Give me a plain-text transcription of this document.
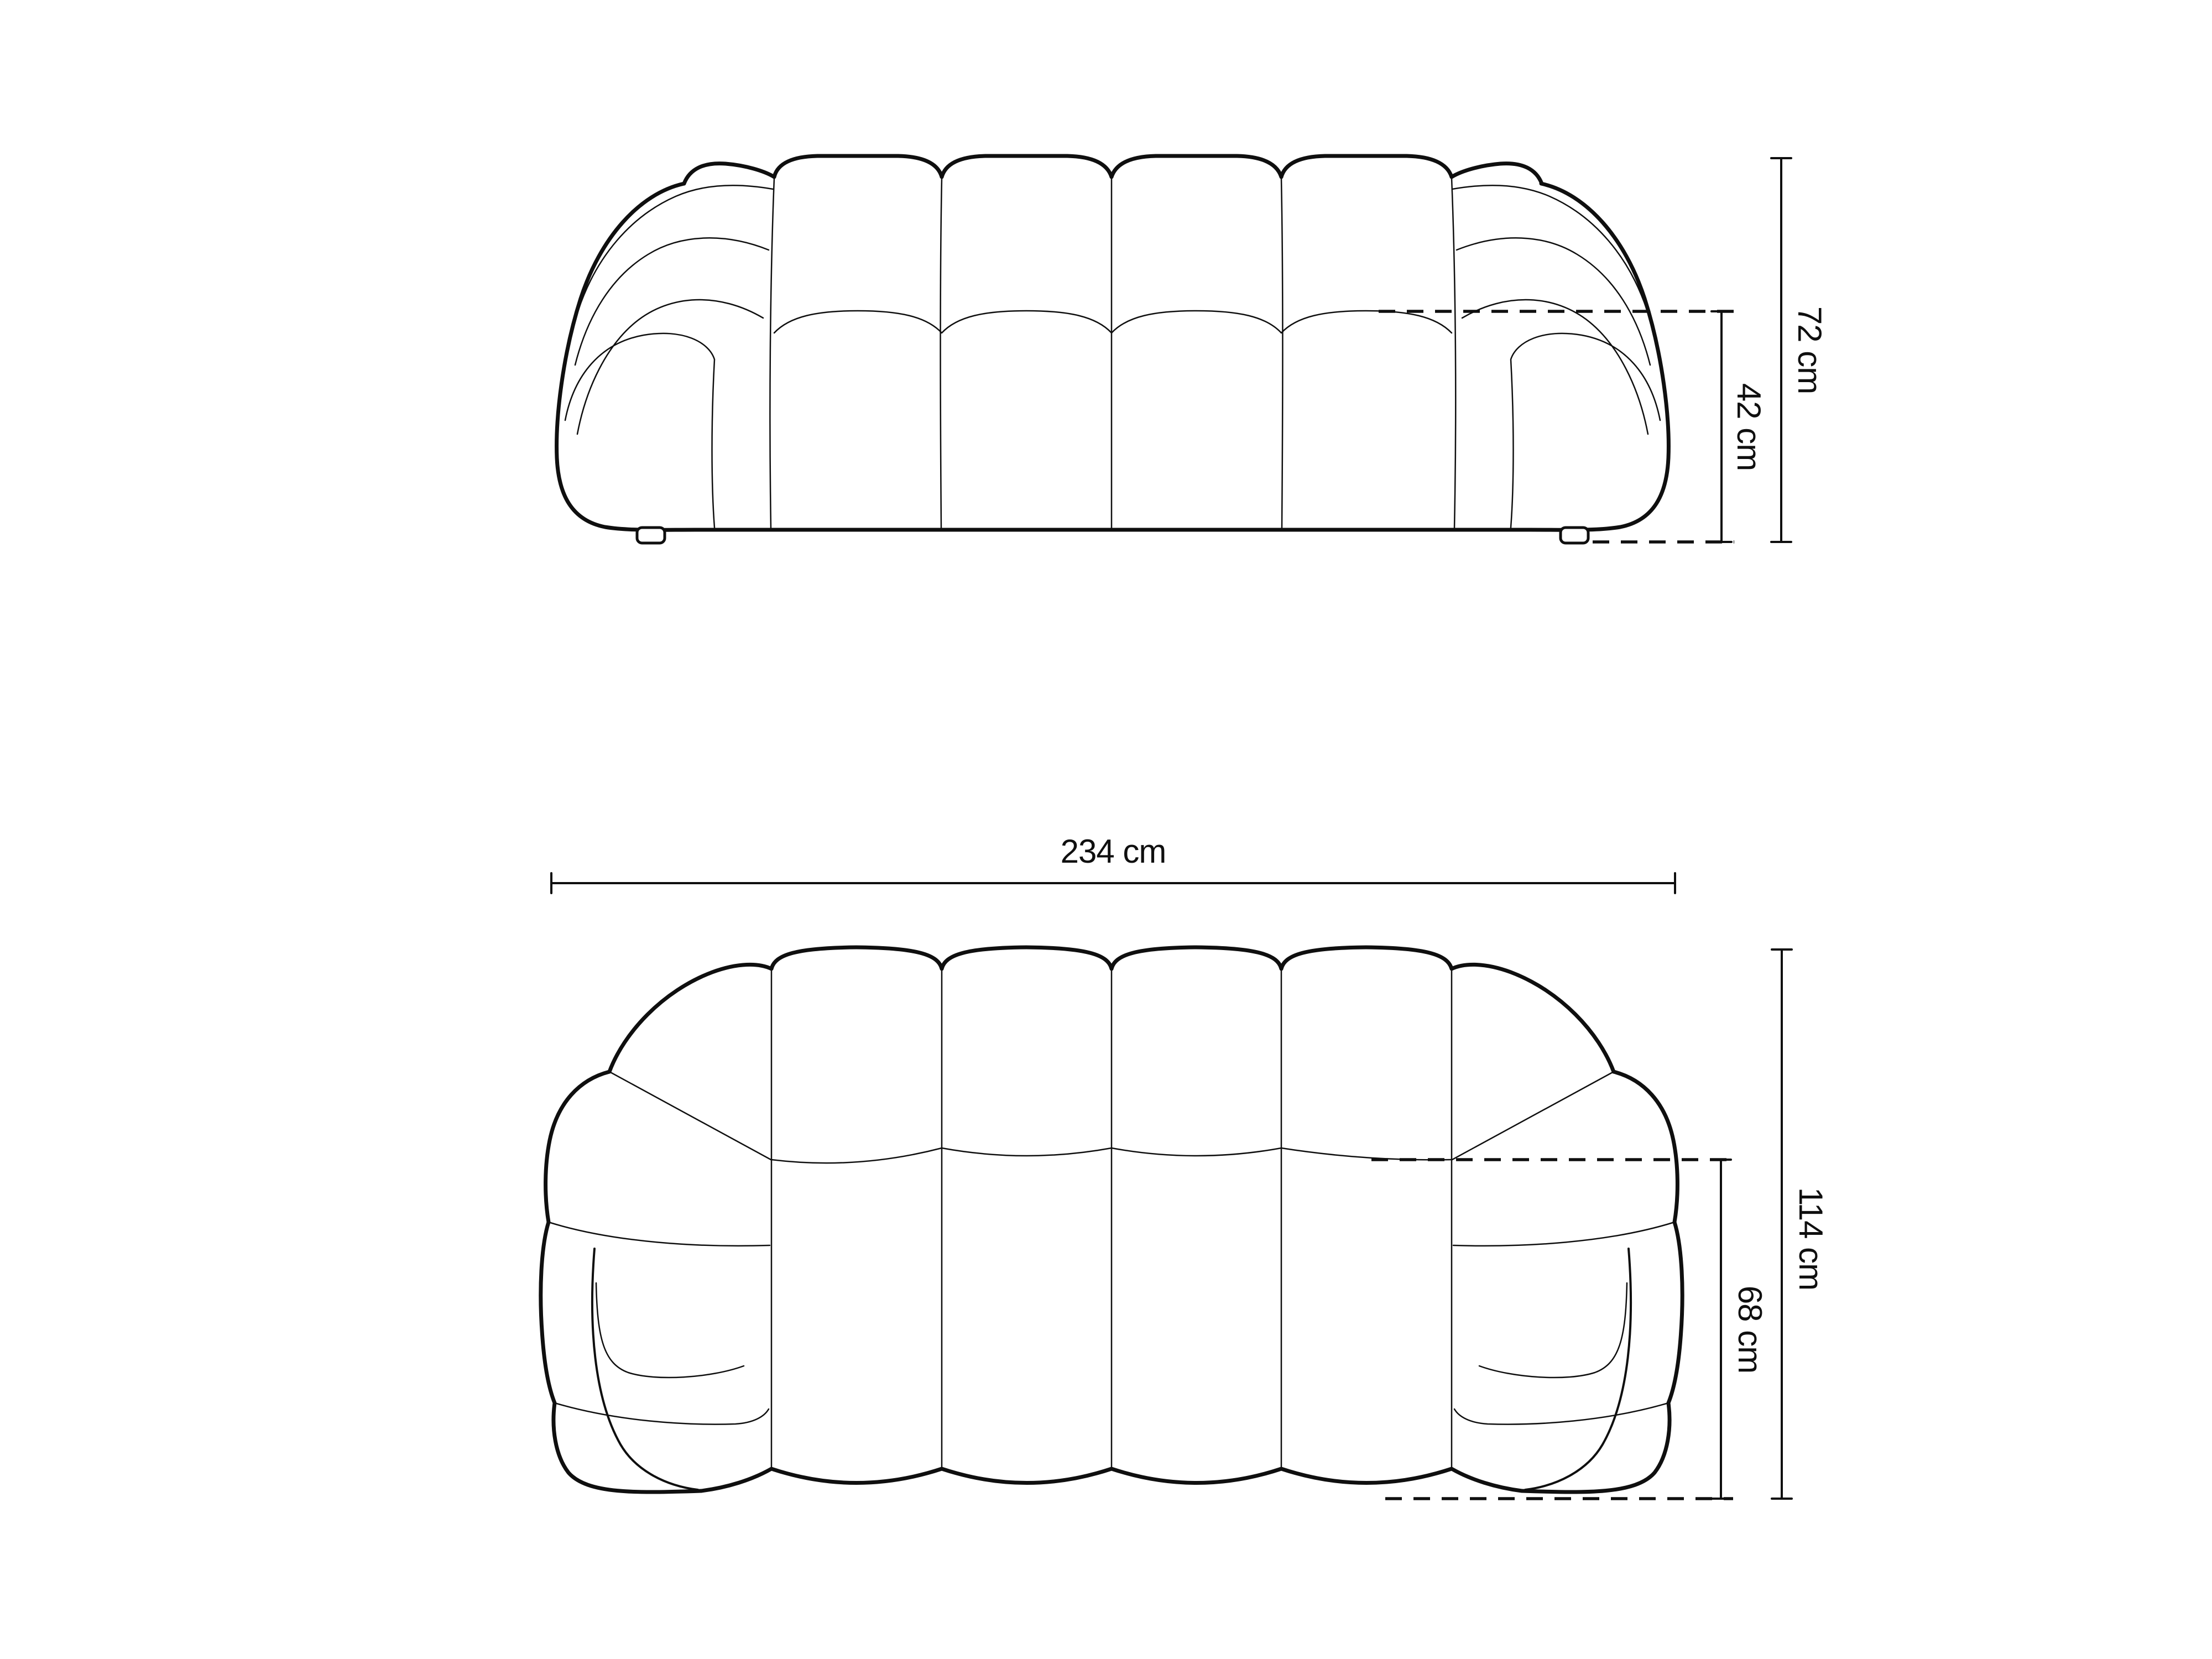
42 cm
72 cm
234 cm
68 cm
114 cm
